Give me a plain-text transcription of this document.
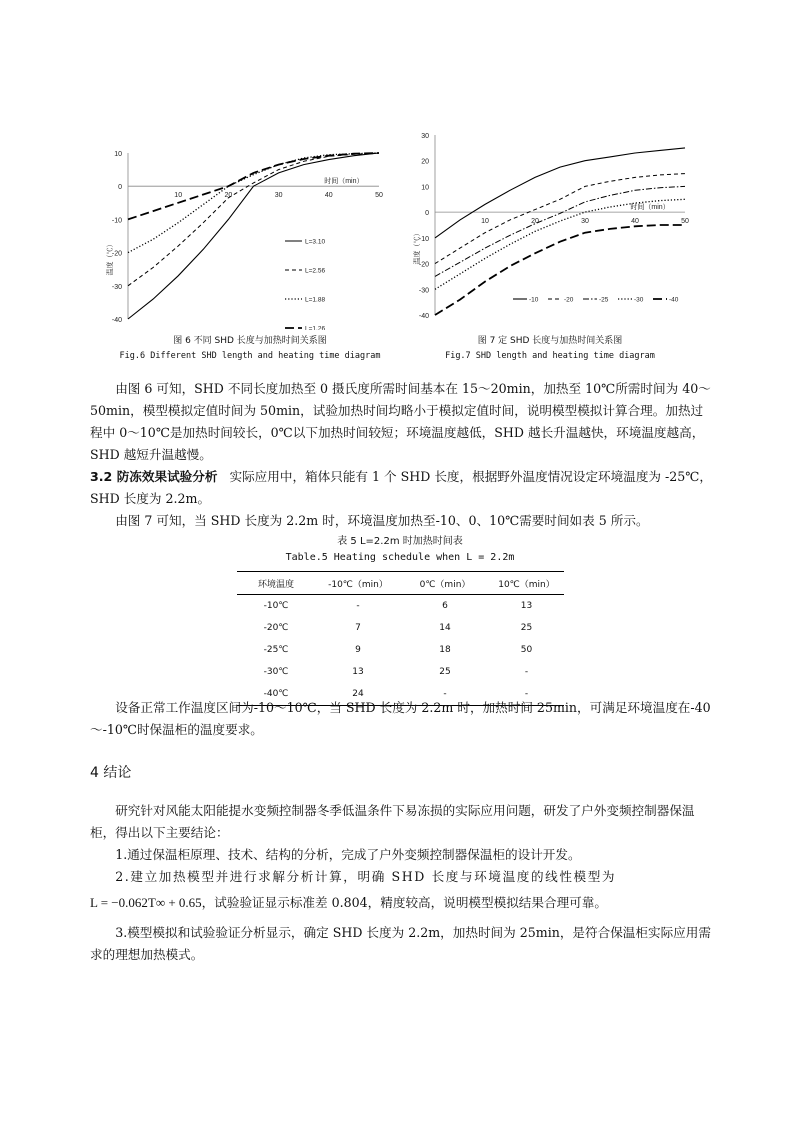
10
0
-10
-20
-30
-40
10	20	30	40	50
时间（min）
温度（℃）	L=3.10
L=2.56
L=1.88
L=1.26
图 6 不同 SHD 长度与加热时间关系图
Fig.6 Different SHD length and heating time diagram
30
20
10
0
-10
-20
-30
-40
10	20	30	40	50
时间（min）
温度（℃）
-10	-20	-25	-30	-40
图 7 定 SHD 长度与加热时间关系图
Fig.7 SHD length and heating time diagram

由图 6 可知，SHD 不同长度加热至 0 摄氏度所需时间基本在 15～20min，加热至 10℃所需时间为 40～50min，模型模拟定值时间为 50min，试验加热时间均略小于模拟定值时间，说明模型模拟计算合理。加热过程中 0～10℃是加热时间较长，0℃以下加热时间较短；环境温度越低，SHD 越长升温越快，环境温度越高，SHD 越短升温越慢。

3.2 防冻效果试验分析 实际应用中，箱体只能有 1 个 SHD 长度，根据野外温度情况设定环境温度为 -25℃，SHD 长度为 2.2m。

由图 7 可知，当 SHD 长度为 2.2m 时，环境温度加热至-10、0、10℃需要时间如表 5 所示。

表 5 L=2.2m 时加热时间表
Table.5 Heating schedule when L = 2.2m
环境温度	-10℃（min）	0℃（min）	10℃（min）
-10℃	-	6	13
-20℃	7	14	25
-25℃	9	18	50
-30℃	13	25	-
-40℃	24	-	-

设备正常工作温度区间为-10～10℃，当 SHD 长度为 2.2m 时，加热时间 25min，可满足环境温度在-40～-10℃时保温柜的温度要求。

4 结论

研究针对风能太阳能提水变频控制器冬季低温条件下易冻损的实际应用问题，研发了户外变频控制器保温柜，得出以下主要结论：

1.通过保温柜原理、技术、结构的分析，完成了户外变频控制器保温柜的设计开发。

2.建立加热模型并进行求解分析计算，明确 SHD 长度与环境温度的线性模型为

L = −0.062T∞ + 0.65，试验验证显示标准差 0.804，精度较高，说明模型模拟结果合理可靠。

3.模型模拟和试验验证分析显示，确定 SHD 长度为 2.2m，加热时间为 25min，是符合保温柜实际应用需求的理想加热模式。
